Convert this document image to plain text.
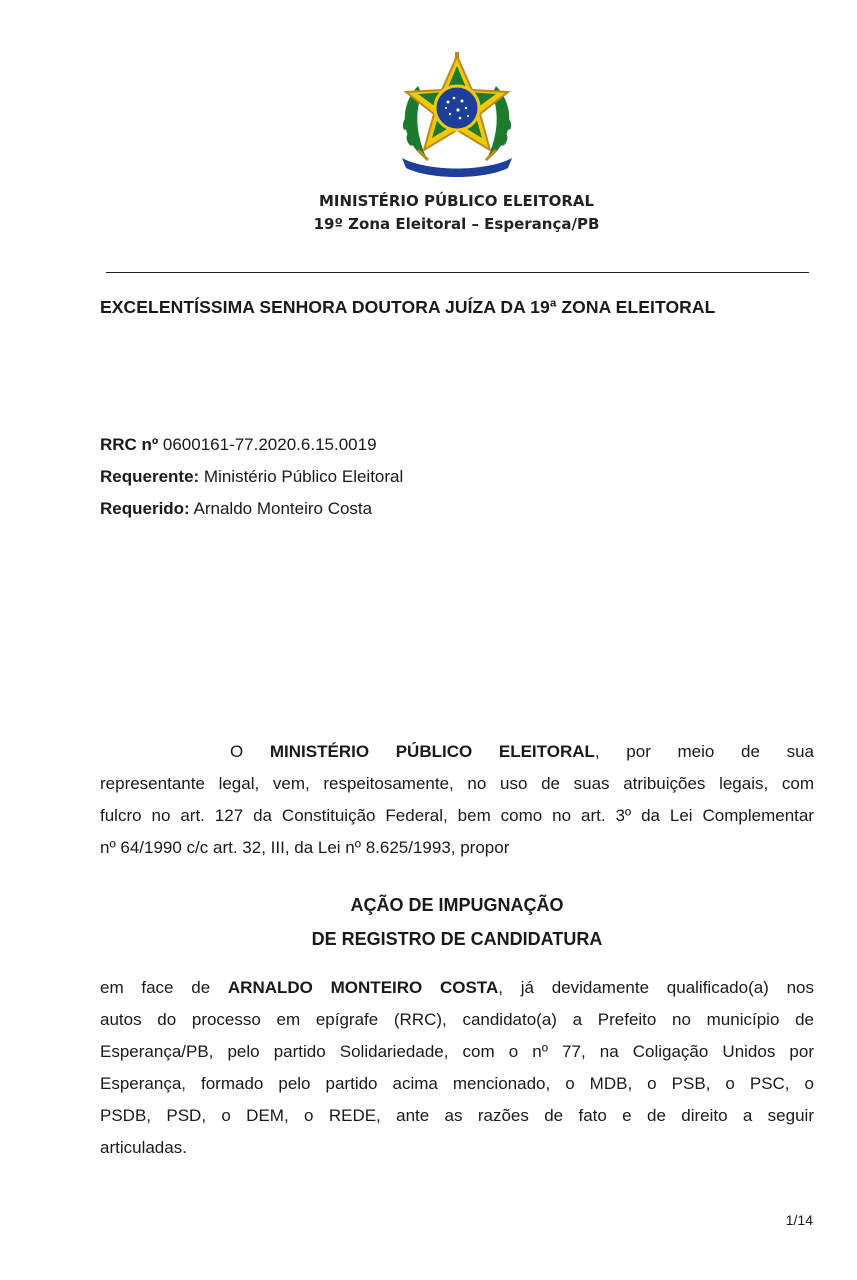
MINISTÉRIO PÚBLICO ELEITORAL
19º Zona Eleitoral – Esperança/PB
EXCELENTÍSSIMA SENHORA DOUTORA JUÍZA DA 19ª ZONA ELEITORAL
RRC nº 0600161-77.2020.6.15.0019
Requerente: Ministério Público Eleitoral
Requerido: Arnaldo Monteiro Costa
O MINISTÉRIO PÚBLICO ELEITORAL, por meio de sua
representante legal, vem, respeitosamente, no uso de suas atribuições legais, com
fulcro no art. 127 da Constituição Federal, bem como no art. 3º da Lei Complementar
nº 64/1990 c/c art. 32, III, da Lei nº 8.625/1993, propor
AÇÃO DE IMPUGNAÇÃO
DE REGISTRO DE CANDIDATURA
em face de ARNALDO MONTEIRO COSTA, já devidamente qualificado(a) nos
autos do processo em epígrafe (RRC), candidato(a) a Prefeito no município de
Esperança/PB, pelo partido Solidariedade, com o nº 77, na Coligação Unidos por
Esperança, formado pelo partido acima mencionado, o MDB, o PSB, o PSC, o
PSDB, PSD, o DEM, o REDE, ante as razões de fato e de direito a seguir
articuladas.
1/14
